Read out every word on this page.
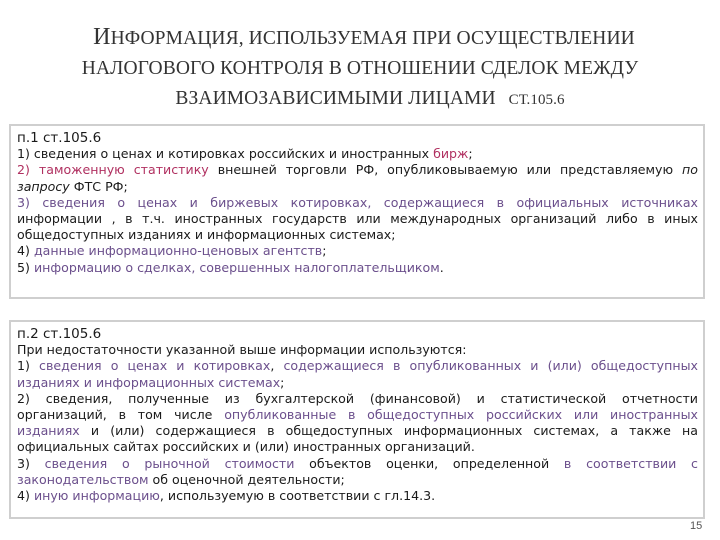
ИНФОРМАЦИЯ, ИСПОЛЬЗУЕМАЯ ПРИ ОСУЩЕСТВЛЕНИИ
НАЛОГОВОГО КОНТРОЛЯ В ОТНОШЕНИИ СДЕЛОК МЕЖДУ
ВЗАИМОЗАВИСИМЫМИ ЛИЦАМИ СТ.105.6
п.1 ст.105.6
1) сведения о ценах и котировках российских и иностранных бирж;
2) таможенную статистику внешней торговли РФ, опубликовываемую или представляемую по
запросу ФТС РФ;
3) сведения о ценах и биржевых котировках, содержащиеся в официальных источниках
информации , в т.ч. иностранных государств или международных организаций либо в иных
общедоступных изданиях и информационных системах;
4) данные информационно-ценовых агентств;
5) информацию о сделках, совершенных налогоплательщиком.
п.2 ст.105.6
При недостаточности указанной выше информации используются:
1) сведения о ценах и котировках, содержащиеся в опубликованных и (или) общедоступных
изданиях и информационных системах;
2) сведения, полученные из бухгалтерской (финансовой) и статистической отчетности
организаций, в том числе опубликованные в общедоступных российских или иностранных
изданиях и (или) содержащиеся в общедоступных информационных системах, а также на
официальных сайтах российских и (или) иностранных организаций.
3) сведения о рыночной стоимости объектов оценки, определенной в соответствии с
законодательством об оценочной деятельности;
4) иную информацию, используемую в соответствии с гл.14.3.
15
